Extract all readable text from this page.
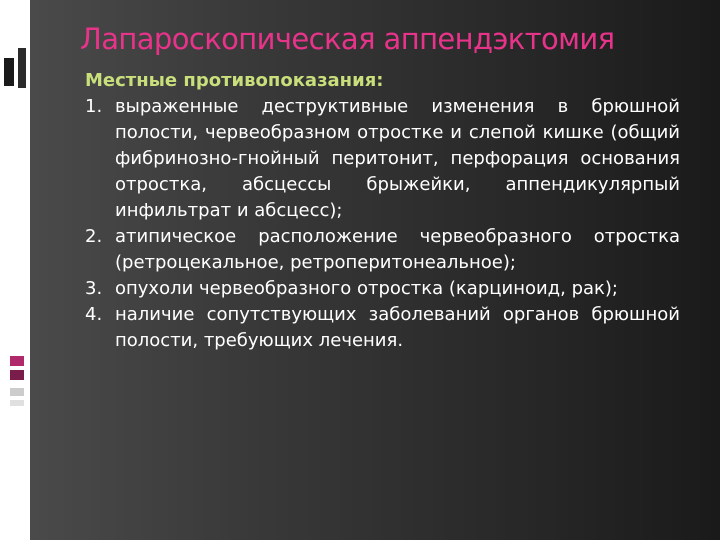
Лапароскопическая аппендэктомия

Местные противопоказания:

1. выраженные деструктивные изменения в брюшной полости, червеобразном отростке и слепой кишке (общий фибринозно-гнойный перитонит, перфорация основания отростка, абсцессы брыжейки, аппендикулярпый инфильтрат и абсцесс);

2. атипическое расположение червеобразного отростка (ретроцекальное, ретроперитонеальное);

3. опухоли червеобразного отростка (карциноид, рак);

4. наличие сопутствующих заболеваний органов брюшной полости, требующих лечения.
